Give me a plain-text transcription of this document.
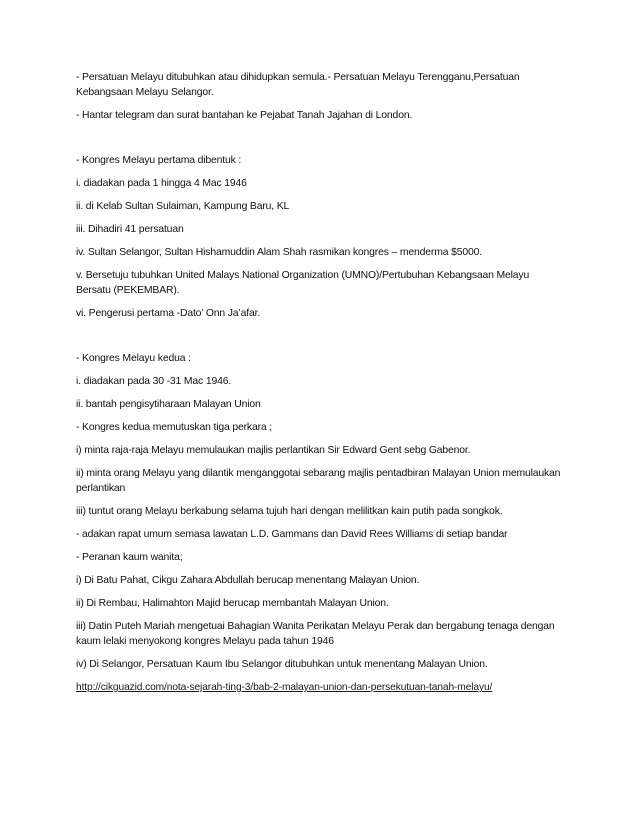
- Persatuan Melayu ditubuhkan atau dihidupkan semula.- Persatuan Melayu Terengganu,Persatuan Kebangsaan Melayu Selangor.

- Hantar telegram dan surat bantahan ke Pejabat Tanah Jajahan di London.

- Kongres Melayu pertama dibentuk :

i. diadakan pada 1 hingga 4 Mac 1946

ii. di Kelab Sultan Sulaiman, Kampung Baru, KL

iii. Dihadiri 41 persatuan

iv. Sultan Selangor, Sultan Hishamuddin Alam Shah rasmikan kongres – menderma $5000.

v. Bersetuju tubuhkan United Malays National Organization (UMNO)/Pertubuhan Kebangsaan Melayu Bersatu (PEKEMBAR).

vi. Pengerusi pertama -Dato’ Onn Ja’afar.

- Kongres Melayu kedua :

i. diadakan pada 30 -31 Mac 1946.

ii. bantah pengisytiharaan Malayan Union

- Kongres kedua memutuskan tiga perkara ;

i) minta raja-raja Melayu memulaukan majlis perlantikan Sir Edward Gent sebg Gabenor.

ii) minta orang Melayu yang dilantik menganggotai sebarang majlis pentadbiran Malayan Union memulaukan perlantikan

iii) tuntut orang Melayu berkabung selama tujuh hari dengan melilitkan kain putih pada songkok.

- adakan rapat umum semasa lawatan L.D. Gammans dan David Rees Williams di setiap bandar

- Peranan kaum wanita;

i) Di Batu Pahat, Cikgu Zahara Abdullah berucap menentang Malayan Union.

ii) Di Rembau, Halimahton Majid berucap membantah Malayan Union.

iii) Datin Puteh Mariah mengetuai Bahagian Wanita Perikatan Melayu Perak dan bergabung tenaga dengan kaum lelaki menyokong kongres Melayu pada tahun 1946

iv) Di Selangor, Persatuan Kaum Ibu Selangor ditubuhkan untuk menentang Malayan Union.

http://cikguazid.com/nota-sejarah-ting-3/bab-2-malayan-union-dan-persekutuan-tanah-melayu/
